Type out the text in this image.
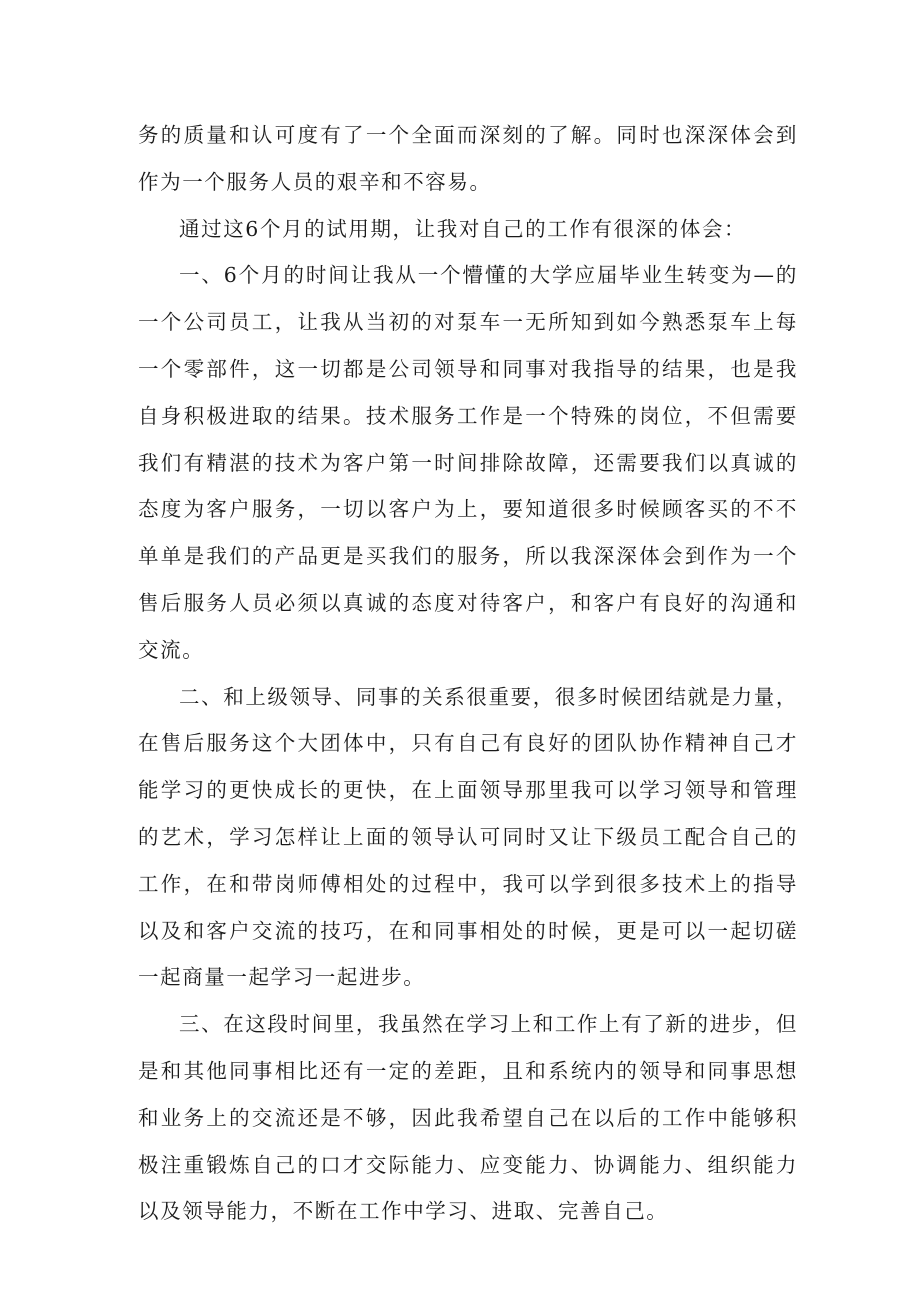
务的质量和认可度有了一个全面而深刻的了解。同时也深深体会到作为一个服务人员的艰辛和不容易。

通过这6个月的试用期，让我对自己的工作有很深的体会：

一、6个月的时间让我从一个懵懂的大学应届毕业生转变为—的一个公司员工，让我从当初的对泵车一无所知到如今熟悉泵车上每一个零部件，这一切都是公司领导和同事对我指导的结果，也是我自身积极进取的结果。技术服务工作是一个特殊的岗位，不但需要我们有精湛的技术为客户第一时间排除故障，还需要我们以真诚的态度为客户服务，一切以客户为上，要知道很多时候顾客买的不不单单是我们的产品更是买我们的服务，所以我深深体会到作为一个售后服务人员必须以真诚的态度对待客户，和客户有良好的沟通和交流。

二、和上级领导、同事的关系很重要，很多时候团结就是力量，在售后服务这个大团体中，只有自己有良好的团队协作精神自己才能学习的更快成长的更快，在上面领导那里我可以学习领导和管理的艺术，学习怎样让上面的领导认可同时又让下级员工配合自己的工作，在和带岗师傅相处的过程中，我可以学到很多技术上的指导以及和客户交流的技巧，在和同事相处的时候，更是可以一起切磋一起商量一起学习一起进步。

三、在这段时间里，我虽然在学习上和工作上有了新的进步，但是和其他同事相比还有一定的差距，且和系统内的领导和同事思想和业务上的交流还是不够，因此我希望自己在以后的工作中能够积极注重锻炼自己的口才交际能力、应变能力、协调能力、组织能力以及领导能力，不断在工作中学习、进取、完善自己。
